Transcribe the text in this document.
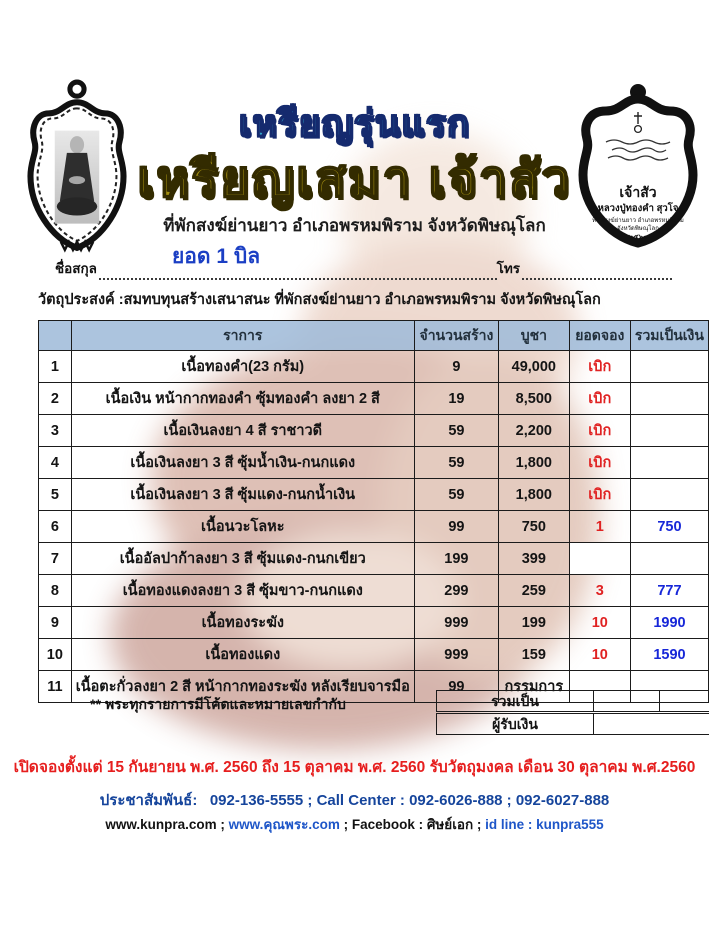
เหรียญรุ่นแรก
เหรียญเสมา เจ้าสัว
ที่พักสงฆ์ย่านยาว อำเภอพรหมพิราม จังหวัดพิษณุโลก
ยอด 1 บิล
เจ้าสัว
หลวงปู่ทองคำ สุวโจ
ที่พักสงฆ์ย่านยาว อำเภอพรหมพิราม
จังหวัดพิษณุโลก
๒๕๖๐
ชื่อสกุล	โทร
วัตถุประสงค์ :สมทบทุนสร้างเสนาสนะ ที่พักสงฆ์ย่านยาว อำเภอพรหมพิราม จังหวัดพิษณุโลก
	ราการ	จำนวนสร้าง	บูชา	ยอดจอง	รวมเป็นเงิน
1	เนื้อทองคำ(23 กรัม)	9	49,000	เบิก	
2	เนื้อเงิน หน้ากากทองคำ ซุ้มทองคำ ลงยา 2 สี	19	8,500	เบิก	
3	เนื้อเงินลงยา 4 สี ราชาวดี	59	2,200	เบิก	
4	เนื้อเงินลงยา 3 สี ซุ้มน้ำเงิน-กนกแดง	59	1,800	เบิก	
5	เนื้อเงินลงยา 3 สี ซุ้มแดง-กนกน้ำเงิน	59	1,800	เบิก	
6	เนื้อนวะโลหะ	99	750	1	750
7	เนื้ออัลปาก้าลงยา 3 สี ซุ้มแดง-กนกเขียว	199	399		
8	เนื้อทองแดงลงยา 3 สี ซุ้มขาว-กนกแดง	299	259	3	777
9	เนื้อทองระฆัง	999	199	10	1990
10	เนื้อทองแดง	999	159	10	1590
11	เนื้อตะกั่วลงยา 2 สี หน้ากากทองระฆัง หลังเรียบจารมือ	99	กรรมการ		
** พระทุกรายการมีโค้ดและหมายเลขกำกับ	รวมเป็น
ผู้รับเงิน
เปิดจองตั้งแต่ 15 กันยายน พ.ศ. 2560 ถึง 15 ตุลาคม พ.ศ. 2560 รับวัตถุมงคล เดือน 30 ตุลาคม พ.ศ.2560
ประชาสัมพันธ์: 092-136-5555 ; Call Center : 092-6026-888 ; 092-6027-888
www.kunpra.com ; www.คุณพระ.com ; Facebook : ศิษย์เอก ; id line : kunpra555
